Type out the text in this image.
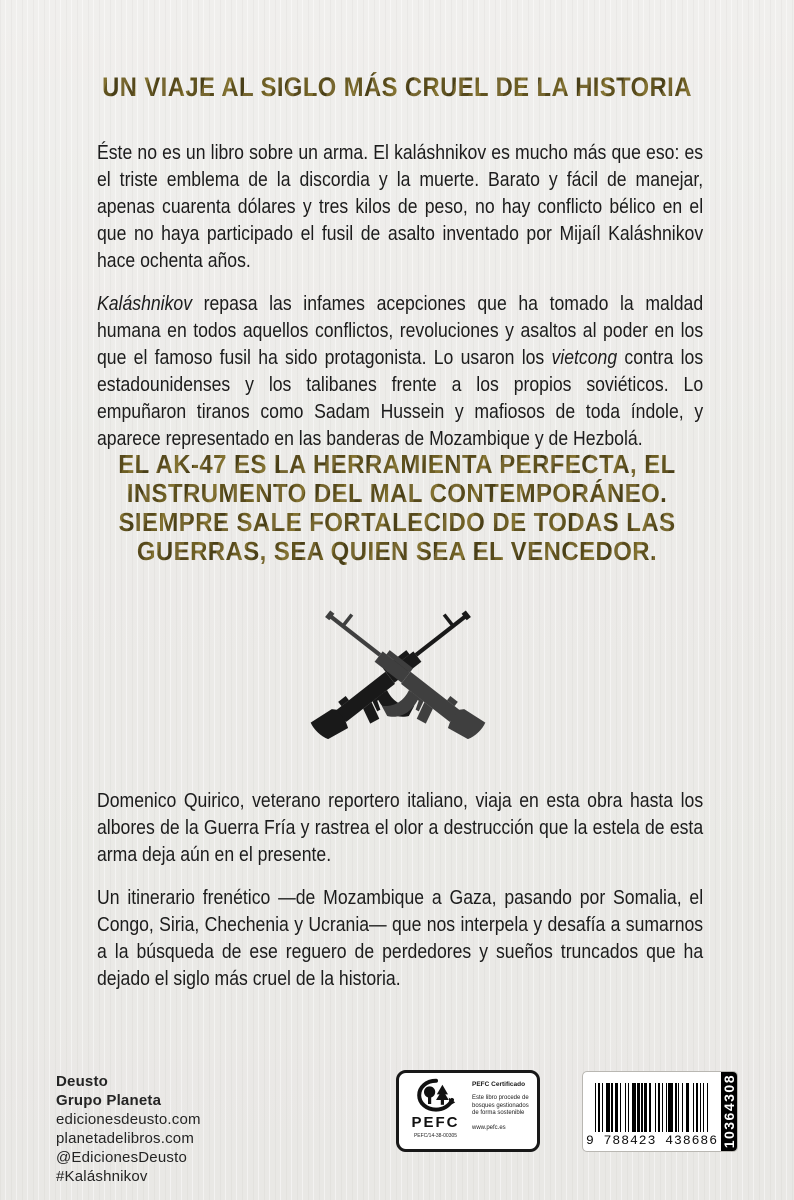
UN VIAJE AL SIGLO MÁS CRUEL DE LA HISTORIA

Éste no es un libro sobre un arma. El kaláshnikov es mucho más que eso: es el triste emblema de la discordia y la muerte. Barato y fácil de manejar, apenas cuarenta dólares y tres kilos de peso, no hay conflicto bélico en el que no haya participado el fusil de asalto inventado por Mijaíl Kaláshnikov hace ochenta años.

Kaláshnikov repasa las infames acepciones que ha tomado la maldad humana en todos aquellos conflictos, revoluciones y asaltos al poder en los que el famoso fusil ha sido protagonista. Lo usaron los vietcong contra los estadounidenses y los talibanes frente a los propios soviéticos. Lo empuñaron tiranos como Sadam Hussein y mafiosos de toda índole, y aparece representado en las banderas de Mozambique y de Hezbolá.

EL AK-47 ES LA HERRAMIENTA PERFECTA, EL
INSTRUMENTO DEL MAL CONTEMPORÁNEO.
SIEMPRE SALE FORTALECIDO DE TODAS LAS
GUERRAS, SEA QUIEN SEA EL VENCEDOR.

Domenico Quirico, veterano reportero italiano, viaja en esta obra hasta los albores de la Guerra Fría y rastrea el olor a destrucción que la estela de esta arma deja aún en el presente.

Un itinerario frenético —de Mozambique a Gaza, pasando por Somalia, el Congo, Siria, Chechenia y Ucrania— que nos interpela y desafía a sumarnos a la búsqueda de ese reguero de perdedores y sueños truncados que ha dejado el siglo más cruel de la historia.

Deusto
Grupo Planeta
edicionesdeusto.com
planetadelibros.com
@EdicionesDeusto
#Kaláshnikov
PEFC
PEFC/14-38-00305
PEFC Certificado
Este libro procede de bosques gestionados de forma sostenible
www.pefc.es
9 788423 438686 10364308
